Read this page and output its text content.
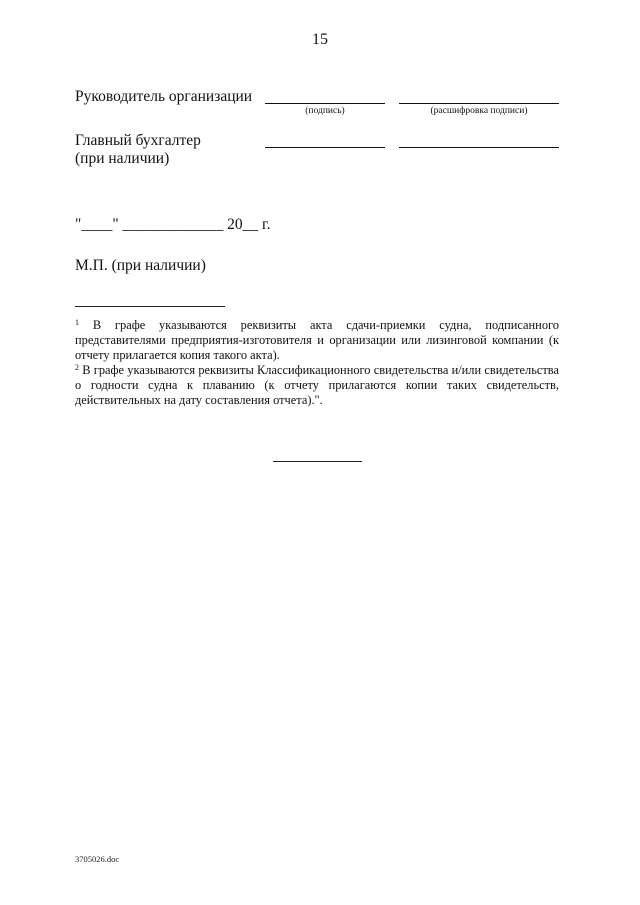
15
Руководитель организации
(подпись)	(расшифровка подписи)
Главный бухгалтер
(при наличии)
"____" _____________ 20__ г.
М.П. (при наличии)
$^1$ В графе указываются реквизиты акта сдачи-приемки судна, подписанного представителями предприятия-изготовителя и организации или лизинговой компании (к отчету прилагается копия такого акта).
$^2$ В графе указываются реквизиты Классификационного свидетельства и/или свидетельства о годности судна к плаванию (к отчету прилагаются копии таких свидетельств, действительных на дату составления отчета).".
3705026.doc
